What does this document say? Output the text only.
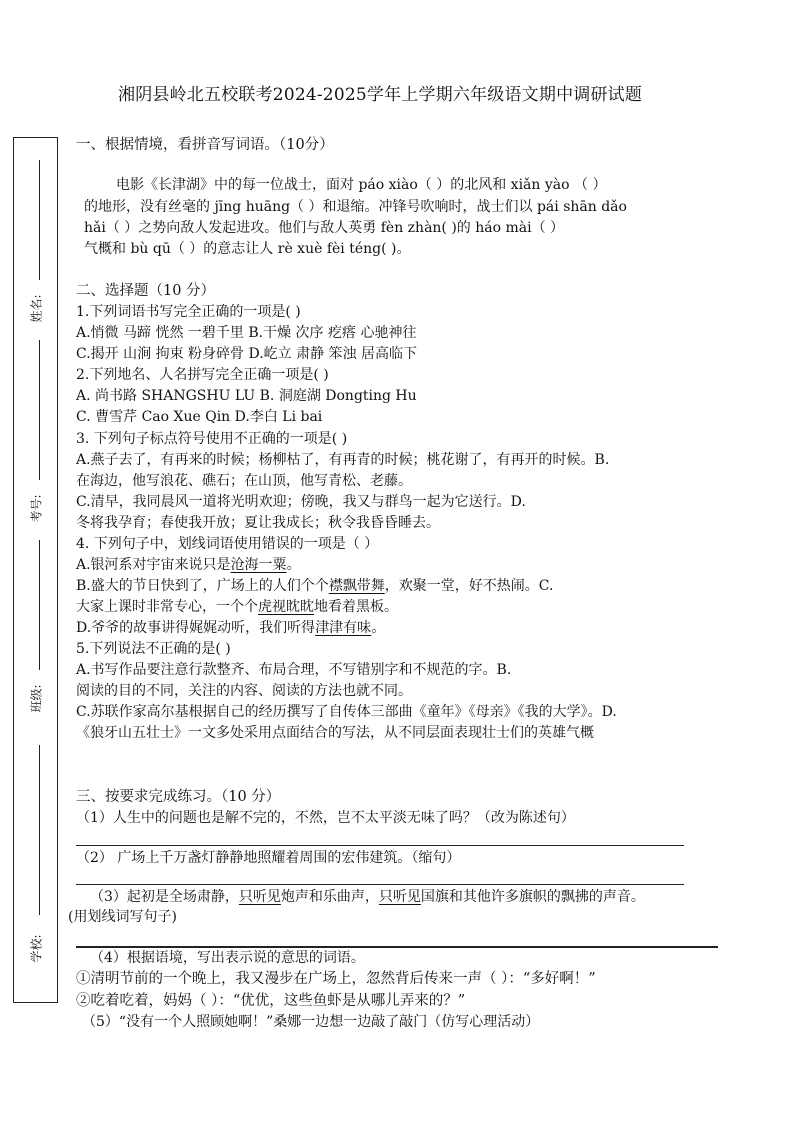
湘阴县岭北五校联考2024-2025学年上学期六年级语文期中调研试题
姓名:
考号:
班级:
学校:
一、根据情境，看拼音写词语。（10分）
电影《长津湖》中的每一位战士，面对 páo xiào（ ）的北风和 xiǎn yào （ ）
的地形，没有丝毫的 jīng huāng（ ）和退缩。冲锋号吹响时，战士们以 pái shān dǎo
hǎi（ ）之势向敌人发起进攻。他们与敌人英勇 fèn zhàn( )的 háo mài（ ）
气概和 bù qū（ ）的意志让人 rè xuè fèi téng( )。
二、选择题（10 分）
1.下列词语书写完全正确的一项是( )
A.悄微 马蹄 恍然 一碧千里 B.干燥 次序 疙瘩 心驰神往
C.揭开 山涧 拘束 粉身碎骨 D.屹立 肃静 笨浊 居高临下
2.下列地名、人名拼写完全正确一项是( )
A. 尚书路 SHANGSHU LU B. 洞庭湖 Dongting Hu
C. 曹雪芹 Cao Xue Qin D.李白 Li bai
3. 下列句子标点符号使用不正确的一项是( )
A.燕子去了，有再来的时候；杨柳枯了，有再青的时候；桃花谢了，有再开的时候。B.
在海边，他写浪花、礁石；在山顶，他写青松、老藤。
C.清早，我同晨风一道将光明欢迎；傍晚，我又与群鸟一起为它送行。D.
冬将我孕育；春使我开放；夏让我成长；秋令我昏昏睡去。
4. 下列句子中，划线词语使用错误的一项是（ ）
A.银河系对宇宙来说只是沧海一粟。
B.盛大的节日快到了，广场上的人们个个襟飘带舞，欢聚一堂，好不热闹。C.
大家上课时非常专心，一个个虎视眈眈地看着黑板。
D.爷爷的故事讲得娓娓动听，我们听得津津有味。
5.下列说法不正确的是( )
A.书写作品要注意行款整齐、布局合理，不写错别字和不规范的字。B.
阅读的目的不同，关注的内容、阅读的方法也就不同。
C.苏联作家高尔基根据自己的经历撰写了自传体三部曲《童年》《母亲》《我的大学》。D.
《狼牙山五壮士》一文多处采用点面结合的写法，从不同层面表现壮士们的英雄气概
三、按要求完成练习。（10 分）
（1）人生中的问题也是解不完的，不然，岂不太平淡无味了吗？（改为陈述句）
（2） 广场上千万盏灯静静地照耀着周围的宏伟建筑。（缩句）
（3）起初是全场肃静，只听见炮声和乐曲声，只听见国旗和其他许多旗帜的飘拂的声音。
(用划线词写句子)
（4）根据语境，写出表示说的意思的词语。
①清明节前的一个晚上，我又漫步在广场上，忽然背后传来一声（ ）：“多好啊！”
②吃着吃着，妈妈（ ）：“优优，这些鱼虾是从哪儿弄来的？”
（5）“没有一个人照顾她啊！”桑娜一边想一边敲了敲门（仿写心理活动）
